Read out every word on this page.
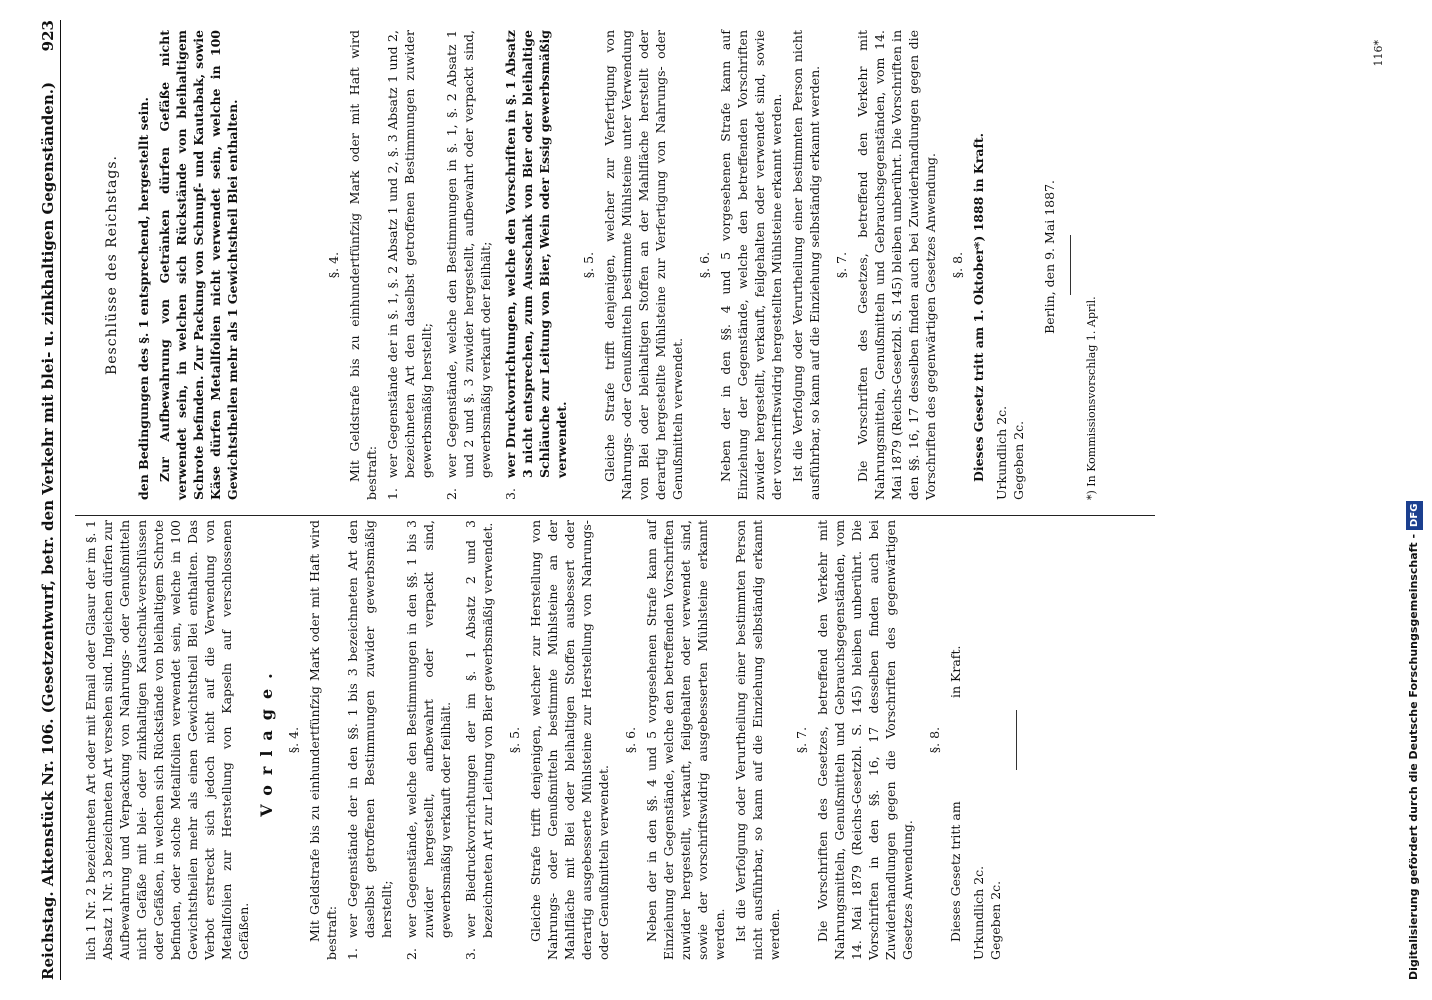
Reichstag. Aktenstück Nr. 106. (Gesetzentwurf, betr. den Verkehr mit blei- u. zinkhaltigen Gegenständen.)
923

lich 1 Nr. 2 bezeichneten Art oder mit Email oder Glasur der im §. 1 Absatz 1 Nr. 3 bezeichneten Art versehen sind. Ingleichen dürfen zur Aufbewahrung und Verpackung von Nahrungs- oder Genußmitteln nicht Gefäße mit blei- oder zinkhaltigen Kautschuk-verschlüssen oder Gefäßen, in welchen sich Rückstände von bleihaltigem Schrote befinden, oder solche Metallfolien verwendet sein, welche in 100 Gewichtstheilen mehr als einen Gewichtstheil Blei enthalten. Das Verbot erstreckt sich jedoch nicht auf die Verwendung von Metallfolien zur Herstellung von Kapseln auf verschlossenen Gefäßen.

Vorlage. §. 4. Mit Geldstrafe bis zu einhundertfünfzig Mark oder mit Haft wird bestraft: 1.
wer Gegenstände der in den §§. 1 bis 3 bezeichneten Art den daselbst getroffenen Bestimmungen zuwider gewerbsmäßig herstellt;
2.
wer Gegenstände, welche den Bestimmungen in den §§. 1 bis 3 zuwider hergestellt, aufbewahrt oder verpackt sind, gewerbsmäßig verkauft oder feilhält.
3.
wer Biedruckvorrichtungen der im §. 1 Absatz 2 und 3 bezeichneten Art zur Leitung von Bier gewerbsmäßig verwendet. §. 5. Gleiche Strafe trifft denjenigen, welcher zur Herstellung von Nahrungs- oder Genußmitteln bestimmte Mühlsteine an der Mahlfläche mit Blei oder bleihaltigen Stoffen ausbessert oder derartig ausgebesserte Mühlsteine zur Herstellung von Nahrungs- oder Genußmitteln verwendet.

§. 6. Neben der in den §§. 4 und 5 vorgesehenen Strafe kann auf Einziehung der Gegenstände, welche den betreffenden Vorschriften zuwider hergestellt, verkauft, feilgehalten oder verwendet sind, sowie der vorschriftswidrig ausgebesserten Mühlsteine erkannt werden. Ist die Verfolgung oder Verurtheilung einer bestimmten Person nicht ausführbar, so kann auf die Einziehung selbständig erkannt werden.

§. 7. Die Vorschriften des Gesetzes, betreffend den Verkehr mit Nahrungsmitteln, Genußmitteln und Gebrauchsgegenständen, vom 14. Mai 1879 (Reichs-Gesetzbl. S. 145) bleiben unberührt. Die Vorschriften in den §§. 16, 17 desselben finden auch bei Zuwiderhandlungen gegen die Vorschriften des gegenwärtigen Gesetzes Anwendung.

§. 8. Dieses Gesetz tritt am                          in Kraft. Urkundlich 2c. Gegeben 2c.
Beschlüsse des Reichstags. den Bedingungen des §. 1 entsprechend, hergestellt sein. Zur Aufbewahrung von Getränken dürfen Gefäße nicht verwendet sein, in welchen sich Rückstände von bleihaltigem Schrote befinden. Zur Packung von Schnupf- und Kautabak, sowie Käse dürfen Metallfolien nicht verwendet sein, welche in 100 Gewichtstheilen mehr als 1 Gewichtstheil Blei enthalten.	§. 4. Mit Geldstrafe bis zu einhundertfünfzig Mark oder mit Haft wird bestraft: 1.
wer Gegenstände der in §. 1, §. 2 Absatz 1 und 2, §. 3 Absatz 1 und 2, bezeichneten Art den daselbst getroffenen Bestimmungen zuwider gewerbsmäßig herstellt;
2.
wer Gegenstände, welche den Bestimmungen in §. 1, §. 2 Absatz 1 und 2 und §. 3 zuwider hergestellt, aufbewahrt oder verpackt sind, gewerbsmäßig verkauft oder feilhält;
3.
wer Druckvorrichtungen, welche den Vorschriften in §. 1 Absatz 3 nicht entsprechen, zum Ausschank von Bier oder bleihaltige Schläuche zur Leitung von Bier, Wein oder Essig gewerbsmäßig verwendet.
§. 5. Gleiche Strafe trifft denjenigen, welcher zur Verfertigung von Nahrungs- oder Genußmitteln bestimmte Mühlsteine unter Verwendung von Blei oder bleihaltigen Stoffen an der Mahlfläche herstellt oder derartig hergestellte Mühlsteine zur Verfertigung von Nahrungs- oder Genußmitteln verwendet.

§. 6. Neben der in den §§. 4 und 5 vorgesehenen Strafe kann auf Einziehung der Gegenstände, welche den betreffenden Vorschriften zuwider hergestellt, verkauft, feilgehalten oder verwendet sind, sowie der vorschriftswidrig hergestellten Mühlsteine erkannt werden. Ist die Verfolgung oder Verurtheilung einer bestimmten Person nicht ausführbar, so kann auf die Einziehung selbständig erkannt werden. §. 7. Die Vorschriften des Gesetzes, betreffend den Verkehr mit Nahrungsmitteln, Genußmitteln und Gebrauchsgegenständen, vom 14. Mai 1879 (Reichs-Gesetzbl. S. 145) bleiben unberührt. Die Vorschriften in den §§. 16, 17 desselben finden auch bei Zuwiderhandlungen gegen die Vorschriften des gegenwärtigen Gesetzes Anwendung. §. 8. Dieses Gesetz tritt am 1. Oktober*) 1888 in Kraft. Urkundlich 2c. Gegeben 2c.
Berlin, den 9. Mai 1887.
*) In Kommissionsvorschlag 1. April.
116*
Digitalisierung gefördert durch die Deutsche Forschungsgemeinschaft -DFG
